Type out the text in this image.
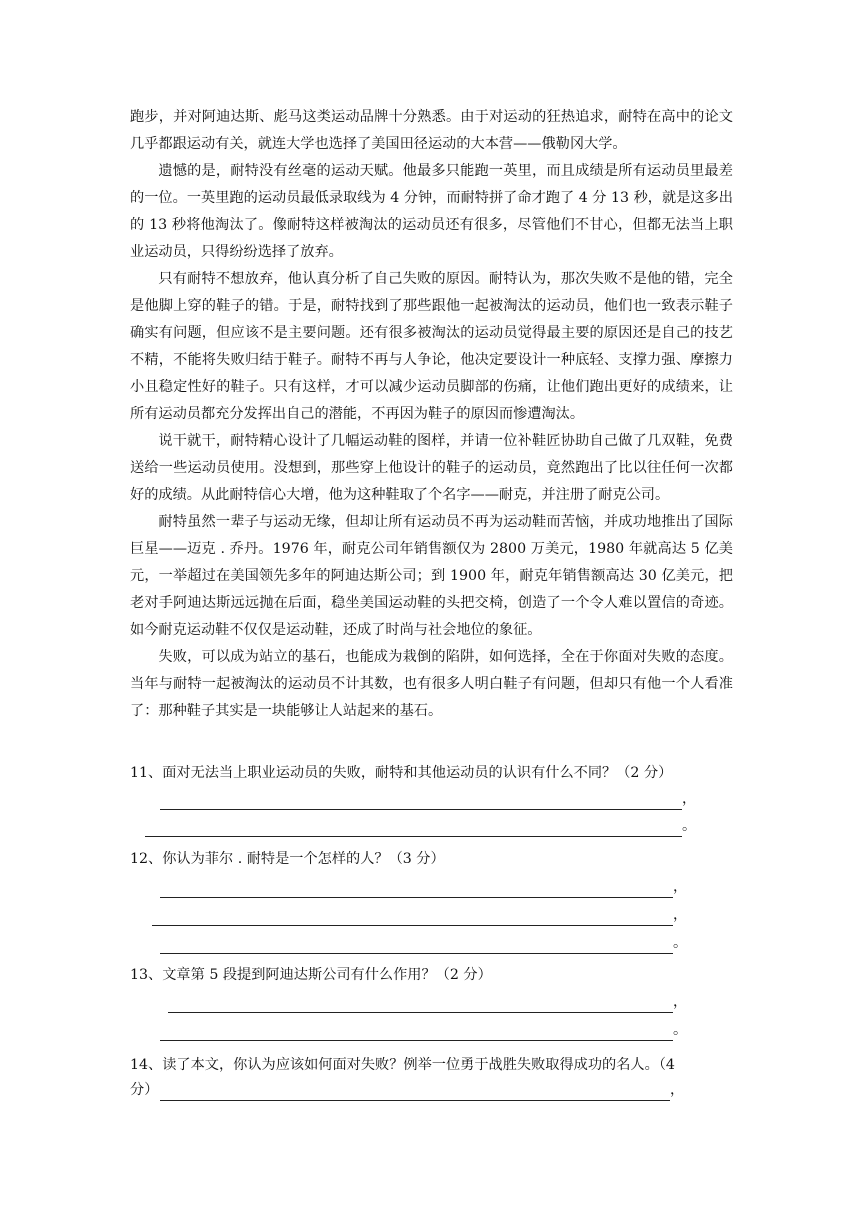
跑步，并对阿迪达斯、彪马这类运动品牌十分熟悉。由于对运动的狂热追求，耐特在高中的论文几乎都跟运动有关，就连大学也选择了美国田径运动的大本营——俄勒冈大学。

遗憾的是，耐特没有丝毫的运动天赋。他最多只能跑一英里，而且成绩是所有运动员里最差的一位。一英里跑的运动员最低录取线为 4 分钟，而耐特拼了命才跑了 4 分 13 秒，就是这多出的 13 秒将他淘汰了。像耐特这样被淘汰的运动员还有很多，尽管他们不甘心，但都无法当上职业运动员，只得纷纷选择了放弃。

只有耐特不想放弃，他认真分析了自己失败的原因。耐特认为，那次失败不是他的错，完全是他脚上穿的鞋子的错。于是，耐特找到了那些跟他一起被淘汰的运动员，他们也一致表示鞋子确实有问题，但应该不是主要问题。还有很多被淘汰的运动员觉得最主要的原因还是自己的技艺不精，不能将失败归结于鞋子。耐特不再与人争论，他决定要设计一种底轻、支撑力强、摩擦力小且稳定性好的鞋子。只有这样，才可以减少运动员脚部的伤痛，让他们跑出更好的成绩来，让所有运动员都充分发挥出自己的潜能，不再因为鞋子的原因而惨遭淘汰。

说干就干，耐特精心设计了几幅运动鞋的图样，并请一位补鞋匠协助自己做了几双鞋，免费送给一些运动员使用。没想到，那些穿上他设计的鞋子的运动员，竟然跑出了比以往任何一次都好的成绩。从此耐特信心大增，他为这种鞋取了个名字——耐克，并注册了耐克公司。

耐特虽然一辈子与运动无缘，但却让所有运动员不再为运动鞋而苦恼，并成功地推出了国际巨星——迈克 . 乔丹。1976 年，耐克公司年销售额仅为 2800 万美元，1980 年就高达 5 亿美元，一举超过在美国领先多年的阿迪达斯公司；到 1900 年，耐克年销售额高达 30 亿美元，把老对手阿迪达斯远远抛在后面，稳坐美国运动鞋的头把交椅，创造了一个令人难以置信的奇迹。如今耐克运动鞋不仅仅是运动鞋，还成了时尚与社会地位的象征。

失败，可以成为站立的基石，也能成为栽倒的陷阱，如何选择，全在于你面对失败的态度。当年与耐特一起被淘汰的运动员不计其数，也有很多人明白鞋子有问题，但却只有他一个人看准了：那种鞋子其实是一块能够让人站起来的基石。

11、面对无法当上职业运动员的失败，耐特和其他运动员的认识有什么不同？（2 分）
，
。
12、你认为菲尔 . 耐特是一个怎样的人？（3 分）
，
，
。
13、文章第 5 段提到阿迪达斯公司有什么作用？（2 分）
，
。
14、读了本文，你认为应该如何面对失败？例举一位勇于战胜失败取得成功的名人。（4
分）	，
